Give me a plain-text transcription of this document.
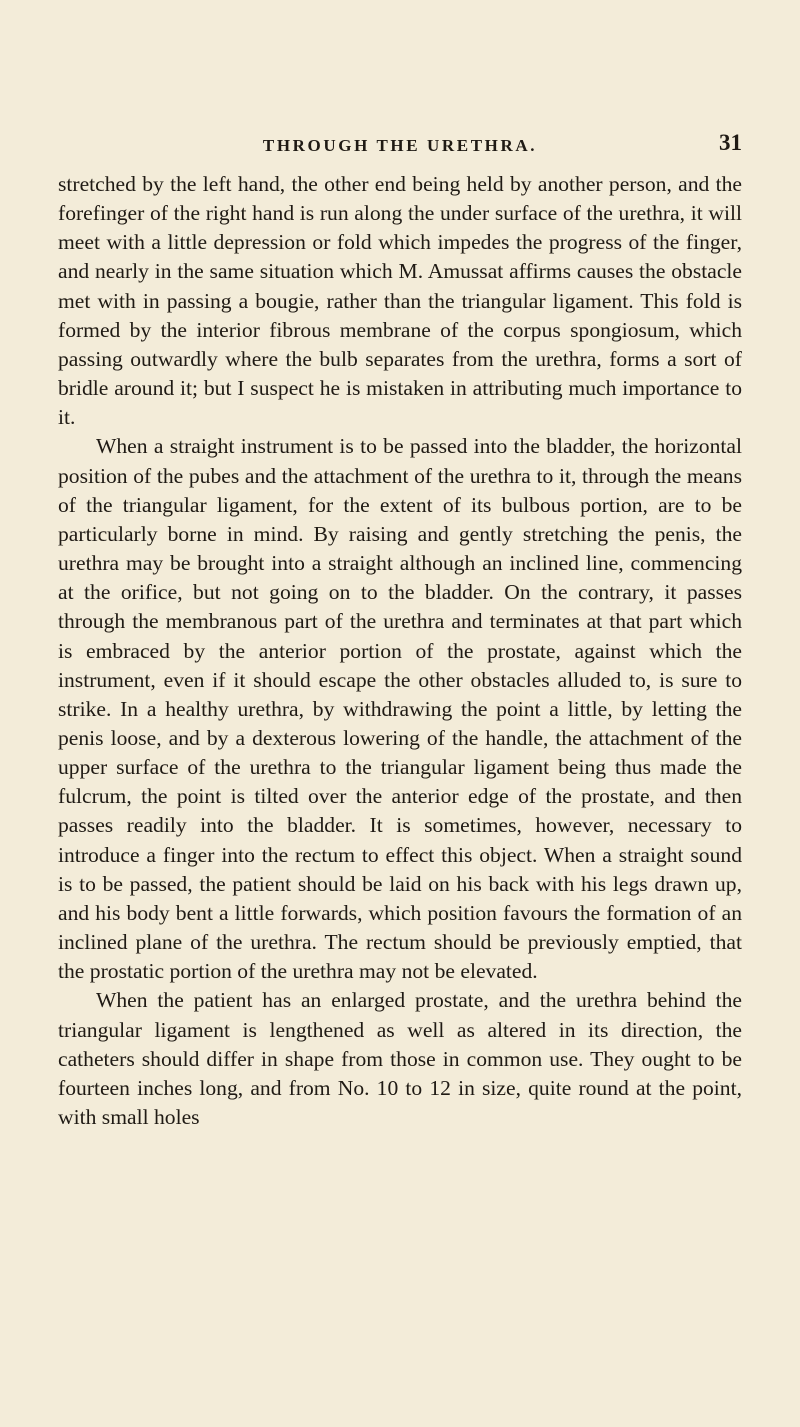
THROUGH THE URETHRA.	31

stretched by the left hand, the other end being held by another person, and the forefinger of the right hand is run along the under surface of the urethra, it will meet with a little depression or fold which impedes the progress of the finger, and nearly in the same situation which M. Amussat affirms causes the obstacle met with in passing a bougie, rather than the triangular ligament. This fold is formed by the interior fibrous membrane of the corpus spongiosum, which passing outwardly where the bulb separates from the urethra, forms a sort of bridle around it; but I suspect he is mistaken in attributing much importance to it.

When a straight instrument is to be passed into the bladder, the horizontal position of the pubes and the attachment of the urethra to it, through the means of the triangular ligament, for the extent of its bulbous portion, are to be particularly borne in mind. By raising and gently stretching the penis, the urethra may be brought into a straight although an inclined line, commencing at the orifice, but not going on to the bladder. On the contrary, it passes through the membranous part of the urethra and terminates at that part which is embraced by the anterior portion of the prostate, against which the instrument, even if it should escape the other obstacles alluded to, is sure to strike. In a healthy urethra, by withdrawing the point a little, by letting the penis loose, and by a dexterous lowering of the handle, the attachment of the upper surface of the urethra to the triangular ligament being thus made the fulcrum, the point is tilted over the anterior edge of the prostate, and then passes readily into the bladder. It is sometimes, however, necessary to introduce a finger into the rectum to effect this object. When a straight sound is to be passed, the patient should be laid on his back with his legs drawn up, and his body bent a little forwards, which position favours the formation of an inclined plane of the urethra. The rectum should be previously emptied, that the prostatic portion of the urethra may not be elevated.

When the patient has an enlarged prostate, and the urethra behind the triangular ligament is lengthened as well as altered in its direction, the catheters should differ in shape from those in common use. They ought to be fourteen inches long, and from No. 10 to 12 in size, quite round at the point, with small holes
